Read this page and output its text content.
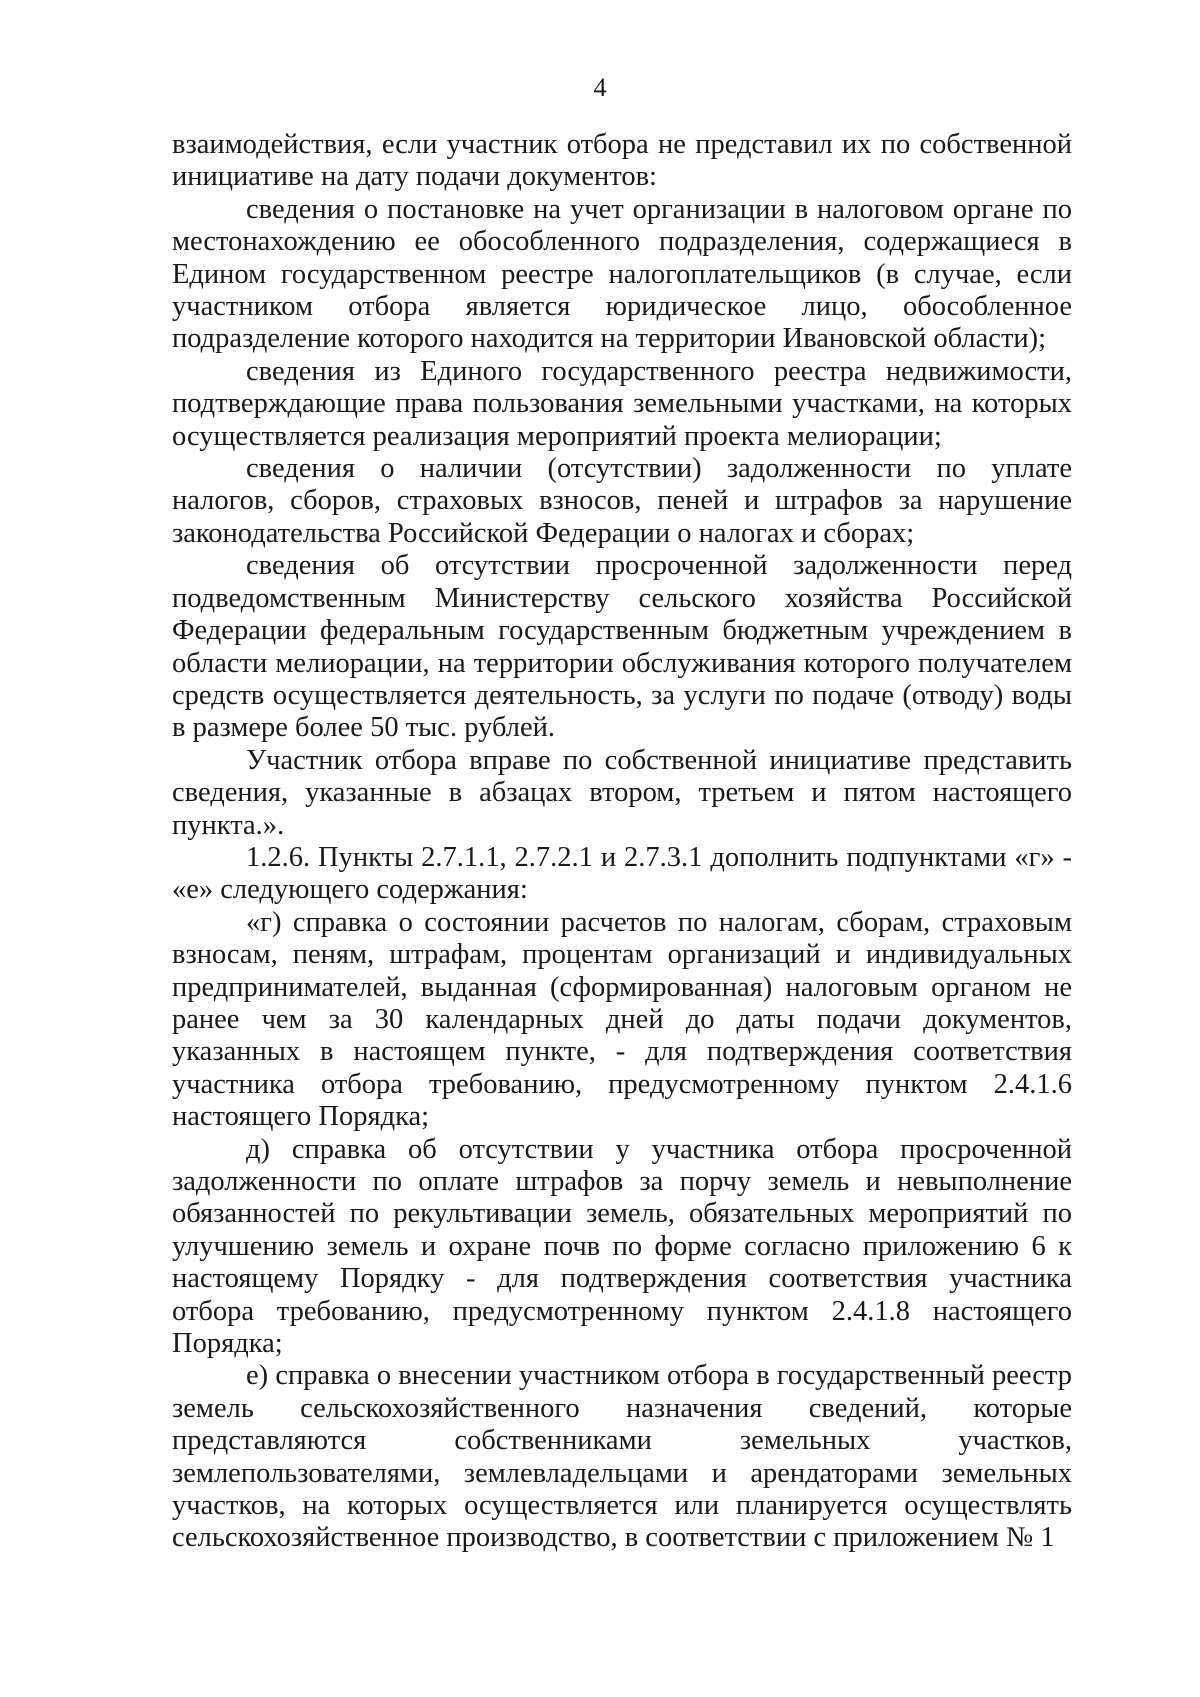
4

взаимодействия, если участник отбора не представил их по собственной инициативе на дату подачи документов:

сведения о постановке на учет организации в налоговом органе по местонахождению ее обособленного подразделения, содержащиеся в Едином государственном реестре налогоплательщиков (в случае, если участником отбора является юридическое лицо, обособленное подразделение которого находится на территории Ивановской области);

сведения из Единого государственного реестра недвижимости, подтверждающие права пользования земельными участками, на которых осуществляется реализация мероприятий проекта мелиорации;

сведения о наличии (отсутствии) задолженности по уплате налогов, сборов, страховых взносов, пеней и штрафов за нарушение законодательства Российской Федерации о налогах и сборах;

сведения об отсутствии просроченной задолженности перед подведомственным Министерству сельского хозяйства Российской Федерации федеральным государственным бюджетным учреждением в области мелиорации, на территории обслуживания которого получателем средств осуществляется деятельность, за услуги по подаче (отводу) воды в размере более 50 тыс. рублей.

Участник отбора вправе по собственной инициативе представить сведения, указанные в абзацах втором, третьем и пятом настоящего пункта.».

1.2.6. Пункты 2.7.1.1, 2.7.2.1 и 2.7.3.1 дополнить подпунктами «г» - «е» следующего содержания:

«г) справка о состоянии расчетов по налогам, сборам, страховым взносам, пеням, штрафам, процентам организаций и индивидуальных предпринимателей, выданная (сформированная) налоговым органом не ранее чем за 30 календарных дней до даты подачи документов, указанных в настоящем пункте, - для подтверждения соответствия участника отбора требованию, предусмотренному пунктом 2.4.1.6 настоящего Порядка;

д) справка об отсутствии у участника отбора просроченной задолженности по оплате штрафов за порчу земель и невыполнение обязанностей по рекультивации земель, обязательных мероприятий по улучшению земель и охране почв по форме согласно приложению 6 к настоящему Порядку - для подтверждения соответствия участника отбора требованию, предусмотренному пунктом 2.4.1.8 настоящего Порядка;

е) справка о внесении участником отбора в государственный реестр земель сельскохозяйственного назначения сведений, которые представляются собственниками земельных участков, землепользователями, землевладельцами и арендаторами земельных участков, на которых осуществляется или планируется осуществлять сельскохозяйственное производство, в соответствии с приложением № 1
